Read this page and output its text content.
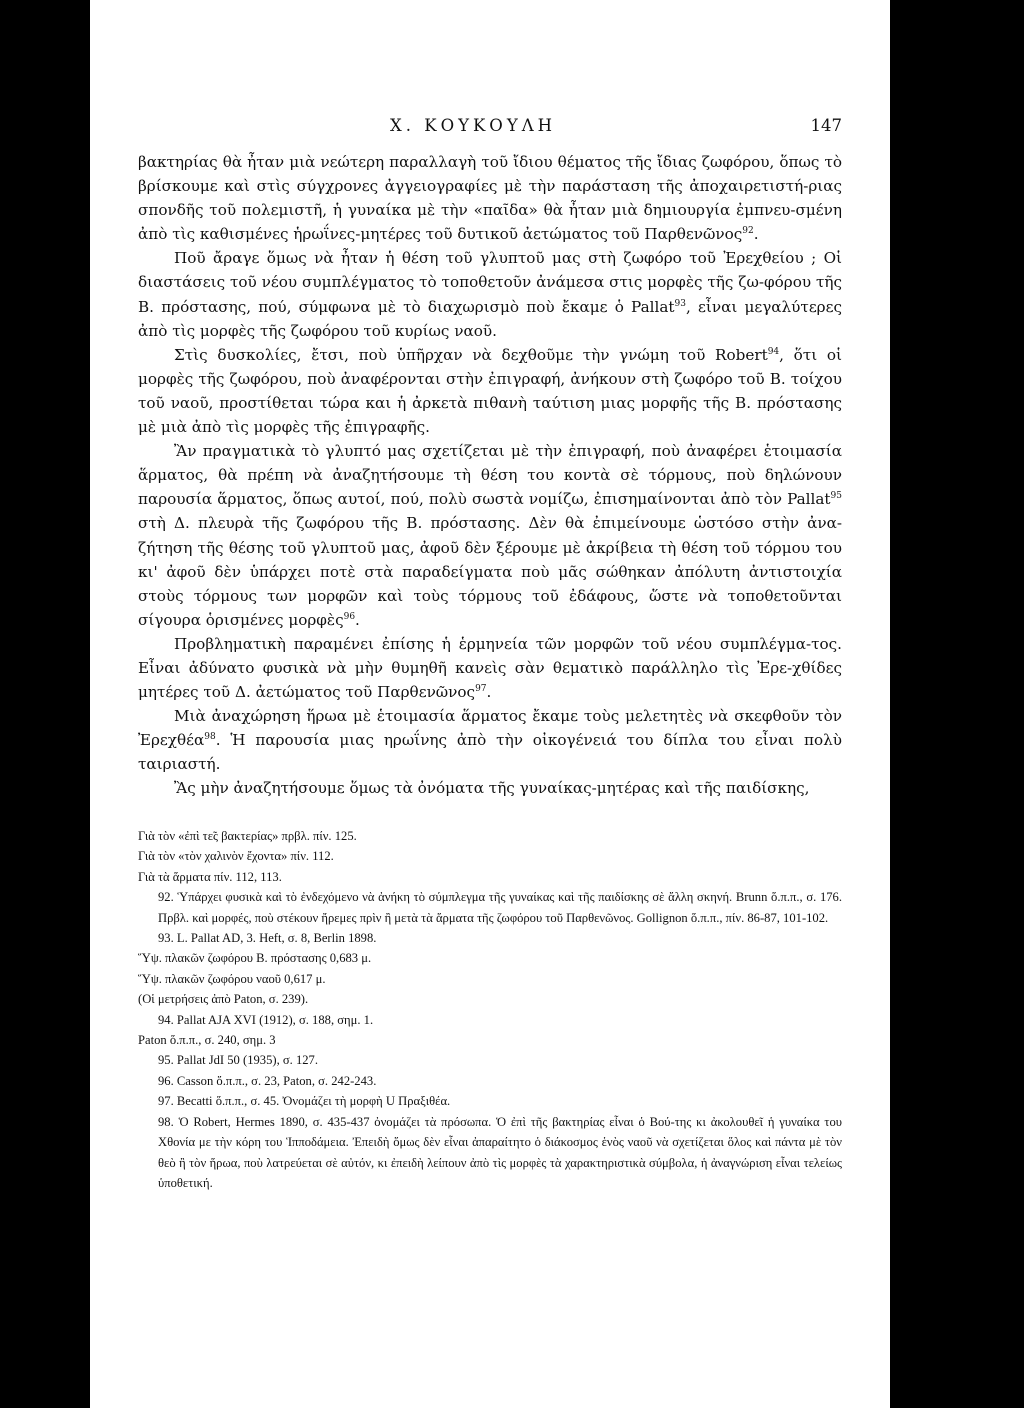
Χ. ΚΟΥΚΟΥΛΗ	147

βακτηρίας θὰ ἦταν μιὰ νεώτερη παραλλαγὴ τοῦ ἴδιου θέματος τῆς ἴδιας ζωφόρου, ὅπως τὸ βρίσκουμε καὶ στὶς σύγχρονες ἀγγειογραφίες μὲ τὴν παράσταση τῆς ἀποχαιρετιστή-ριας σπονδῆς τοῦ πολεμιστῆ, ἡ γυναίκα μὲ τὴν «παῖδα» θὰ ἦταν μιὰ δημιουργία ἐμπνευ-σμένη ἀπὸ τὶς καθισμένες ἡρωΐνες-μητέρες τοῦ δυτικοῦ ἀετώματος τοῦ Παρθενῶνος$^{92}$.

Ποῦ ἄραγε ὅμως νὰ ἦταν ἡ θέση τοῦ γλυπτοῦ μας στὴ ζωφόρο τοῦ Ἐρεχθείου ; Οἱ διαστάσεις τοῦ νέου συμπλέγματος τὸ τοποθετοῦν ἀνάμεσα στις μορφὲς τῆς ζω-φόρου τῆς Β. πρόστασης, πού, σύμφωνα μὲ τὸ διαχωρισμὸ ποὺ ἔκαμε ὁ Pallat$^{93}$, εἶναι μεγαλύτερες ἀπὸ τὶς μορφὲς τῆς ζωφόρου τοῦ κυρίως ναοῦ.

Στὶς δυσκολίες, ἔτσι, ποὺ ὑπῆρχαν νὰ δεχθοῦμε τὴν γνώμη τοῦ Robert$^{94}$, ὅτι οἱ μορφὲς τῆς ζωφόρου, ποὺ ἀναφέρονται στὴν ἐπιγραφή, ἀνήκουν στὴ ζωφόρο τοῦ Β. τοίχου τοῦ ναοῦ, προστίθεται τώρα και ἡ ἀρκετὰ πιθανὴ ταύτιση μιας μορφῆς τῆς Β. πρόστασης μὲ μιὰ ἀπὸ τὶς μορφὲς τῆς ἐπιγραφῆς.

Ἂν πραγματικὰ τὸ γλυπτό μας σχετίζεται μὲ τὴν ἐπιγραφή, ποὺ ἀναφέρει ἑτοιμασία ἅρματος, θὰ πρέπη νὰ ἀναζητήσουμε τὴ θέση του κοντὰ σὲ τόρμους, ποὺ δηλώνουν παρουσία ἅρματος, ὅπως αυτοί, πού, πολὺ σωστὰ νομίζω, ἐπισημαίνονται ἀπὸ τὸν Pallat$^{95}$ στὴ Δ. πλευρὰ τῆς ζωφόρου τῆς Β. πρόστασης. Δὲν θὰ ἐπιμείνουμε ὡστόσο στὴν ἀνα-ζήτηση τῆς θέσης τοῦ γλυπτοῦ μας, ἀφοῦ δὲν ξέρουμε μὲ ἀκρίβεια τὴ θέση τοῦ τόρμου του κι' ἀφοῦ δὲν ὑπάρχει ποτὲ στὰ παραδείγματα ποὺ μᾶς σώθηκαν ἀπόλυτη ἀντιστοιχία στοὺς τόρμους των μορφῶν καὶ τοὺς τόρμους τοῦ ἐδάφους, ὥστε νὰ τοποθετοῦνται σίγουρα ὁρισμένες μορφὲς$^{96}$.

Προβληματικὴ παραμένει ἐπίσης ἡ ἑρμηνεία τῶν μορφῶν τοῦ νέου συμπλέγμα-τος. Εἶναι ἀδύνατο φυσικὰ νὰ μὴν θυμηθῆ κανεὶς σὰν θεματικὸ παράλληλο τὶς Ἐρε-χθίδες μητέρες τοῦ Δ. ἀετώματος τοῦ Παρθενῶνος$^{97}$.

Μιὰ ἀναχώρηση ἥρωα μὲ ἑτοιμασία ἅρματος ἔκαμε τοὺς μελετητὲς νὰ σκεφθοῦν τὸν Ἐρεχθέα$^{98}$. Ἡ παρουσία μιας ηρωΐνης ἀπὸ τὴν οἰκογένειά του δίπλα του εἶναι πολὺ ταιριαστή.

Ἂς μὴν ἀναζητήσουμε ὅμως τὰ ὀνόματα τῆς γυναίκας-μητέρας καὶ τῆς παιδίσκης,

Γιὰ τὸν «ἐπὶ τε̃ς βακτερίας» πρβλ. πίν. 125.

Γιὰ τὸν «τὸν χαλινὸν ἔχοντα» πίν. 112.

Γιὰ τὰ ἅρματα πίν. 112, 113.

92. Ὑπάρχει φυσικὰ καὶ τὸ ἐνδεχόμενο νὰ ἀνήκη τὸ σύμπλεγμα τῆς γυναίκας καὶ τῆς παιδίσκης σὲ ἄλλη σκηνή. Brunn ὅ.π.π., σ. 176. Πρβλ. καὶ μορφές, ποὺ στέκουν ἤρεμες πρὶν ἢ μετὰ τὰ ἅρματα τῆς ζωφόρου τοῦ Παρθενῶνος. Gollignon ὅ.π.π., πίν. 86-87, 101-102.

93. L. Pallat AD, 3. Heft, σ. 8, Berlin 1898.

Ὕψ. πλακῶν ζωφόρου Β. πρόστασης 0,683 μ.

Ὕψ. πλακῶν ζωφόρου ναοῦ 0,617 μ.

(Οἱ μετρήσεις ἀπὸ Paton, σ. 239).

94. Pallat AJA XVI (1912), σ. 188, σημ. 1.

Paton ὅ.π.π., σ. 240, σημ. 3

95. Pallat JdI 50 (1935), σ. 127.

96. Casson ὅ.π.π., σ. 23, Paton, σ. 242-243.

97. Becatti ὅ.π.π., σ. 45. Ὀνομάζει τὴ μορφὴ U Πραξιθέα.

98. Ὁ Robert, Hermes 1890, σ. 435-437 ὀνομάζει τὰ πρόσωπα. Ὁ ἐπὶ τῆς βακτηρίας εἶναι ὁ Βού-της κι ἀκολουθεῖ ἡ γυναίκα του Χθονία με τὴν κόρη του Ἱπποδάμεια. Ἐπειδὴ ὅμως δὲν εἶναι ἀπαραίτητο ὁ διάκοσμος ἑνὸς ναοῦ νὰ σχετίζεται ὅλος καὶ πάντα μὲ τὸν θεὸ ἢ τὸν ἥρωα, ποὺ λατρεύεται σὲ αὐτόν, κι ἐπειδὴ λείπουν ἀπὸ τὶς μορφὲς τὰ χαρακτηριστικὰ σύμβολα, ἡ ἀναγνώριση εἶναι τελείως ὑποθετική.
